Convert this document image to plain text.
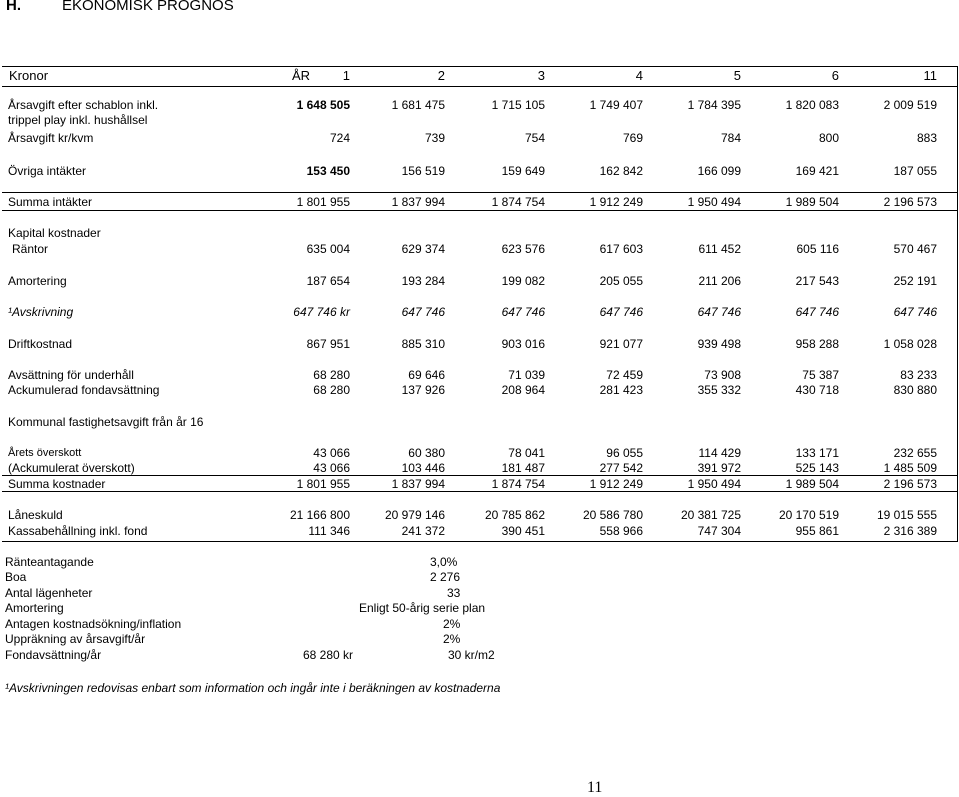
H.	EKONOMISK PROGNOS
Kronor	ÅR	1	2	3	4	5	6	11
Årsavgift efter schablon inkl.	1 648 505	1 681 475	1 715 105	1 749 407	1 784 395	1 820 083	2 009 519
trippel play inkl. hushållsel
Årsavgift kr/kvm	724	739	754	769	784	800	883
Övriga intäkter	153 450	156 519	159 649	162 842	166 099	169 421	187 055
Summa intäkter	1 801 955	1 837 994	1 874 754	1 912 249	1 950 494	1 989 504	2 196 573
Kapital kostnader
Räntor	635 004	629 374	623 576	617 603	611 452	605 116	570 467
Amortering	187 654	193 284	199 082	205 055	211 206	217 543	252 191
¹Avskrivning	647 746 kr	647 746	647 746	647 746	647 746	647 746	647 746
Driftkostnad	867 951	885 310	903 016	921 077	939 498	958 288	1 058 028
Avsättning för underhåll	68 280	69 646	71 039	72 459	73 908	75 387	83 233
Ackumulerad fondavsättning	68 280	137 926	208 964	281 423	355 332	430 718	830 880
Kommunal fastighetsavgift från år 16
Årets överskott	43 066	60 380	78 041	96 055	114 429	133 171	232 655
(Ackumulerat överskott)	43 066	103 446	181 487	277 542	391 972	525 143	1 485 509
Summa kostnader	1 801 955	1 837 994	1 874 754	1 912 249	1 950 494	1 989 504	2 196 573
Låneskuld	21 166 800	20 979 146	20 785 862	20 586 780	20 381 725	20 170 519	19 015 555
Kassabehållning inkl. fond	111 346	241 372	390 451	558 966	747 304	955 861	2 316 389
Ränteantagande	3,0%
Boa	2 276
Antal lägenheter	33
Amortering	Enligt 50-årig serie plan
Antagen kostnadsökning/inflation	2%
Uppräkning av årsavgift/år	2%
Fondavsättning/år	68 280 kr	30 kr/m2
¹Avskrivningen redovisas enbart som information och ingår inte i beräkningen av kostnaderna
11
